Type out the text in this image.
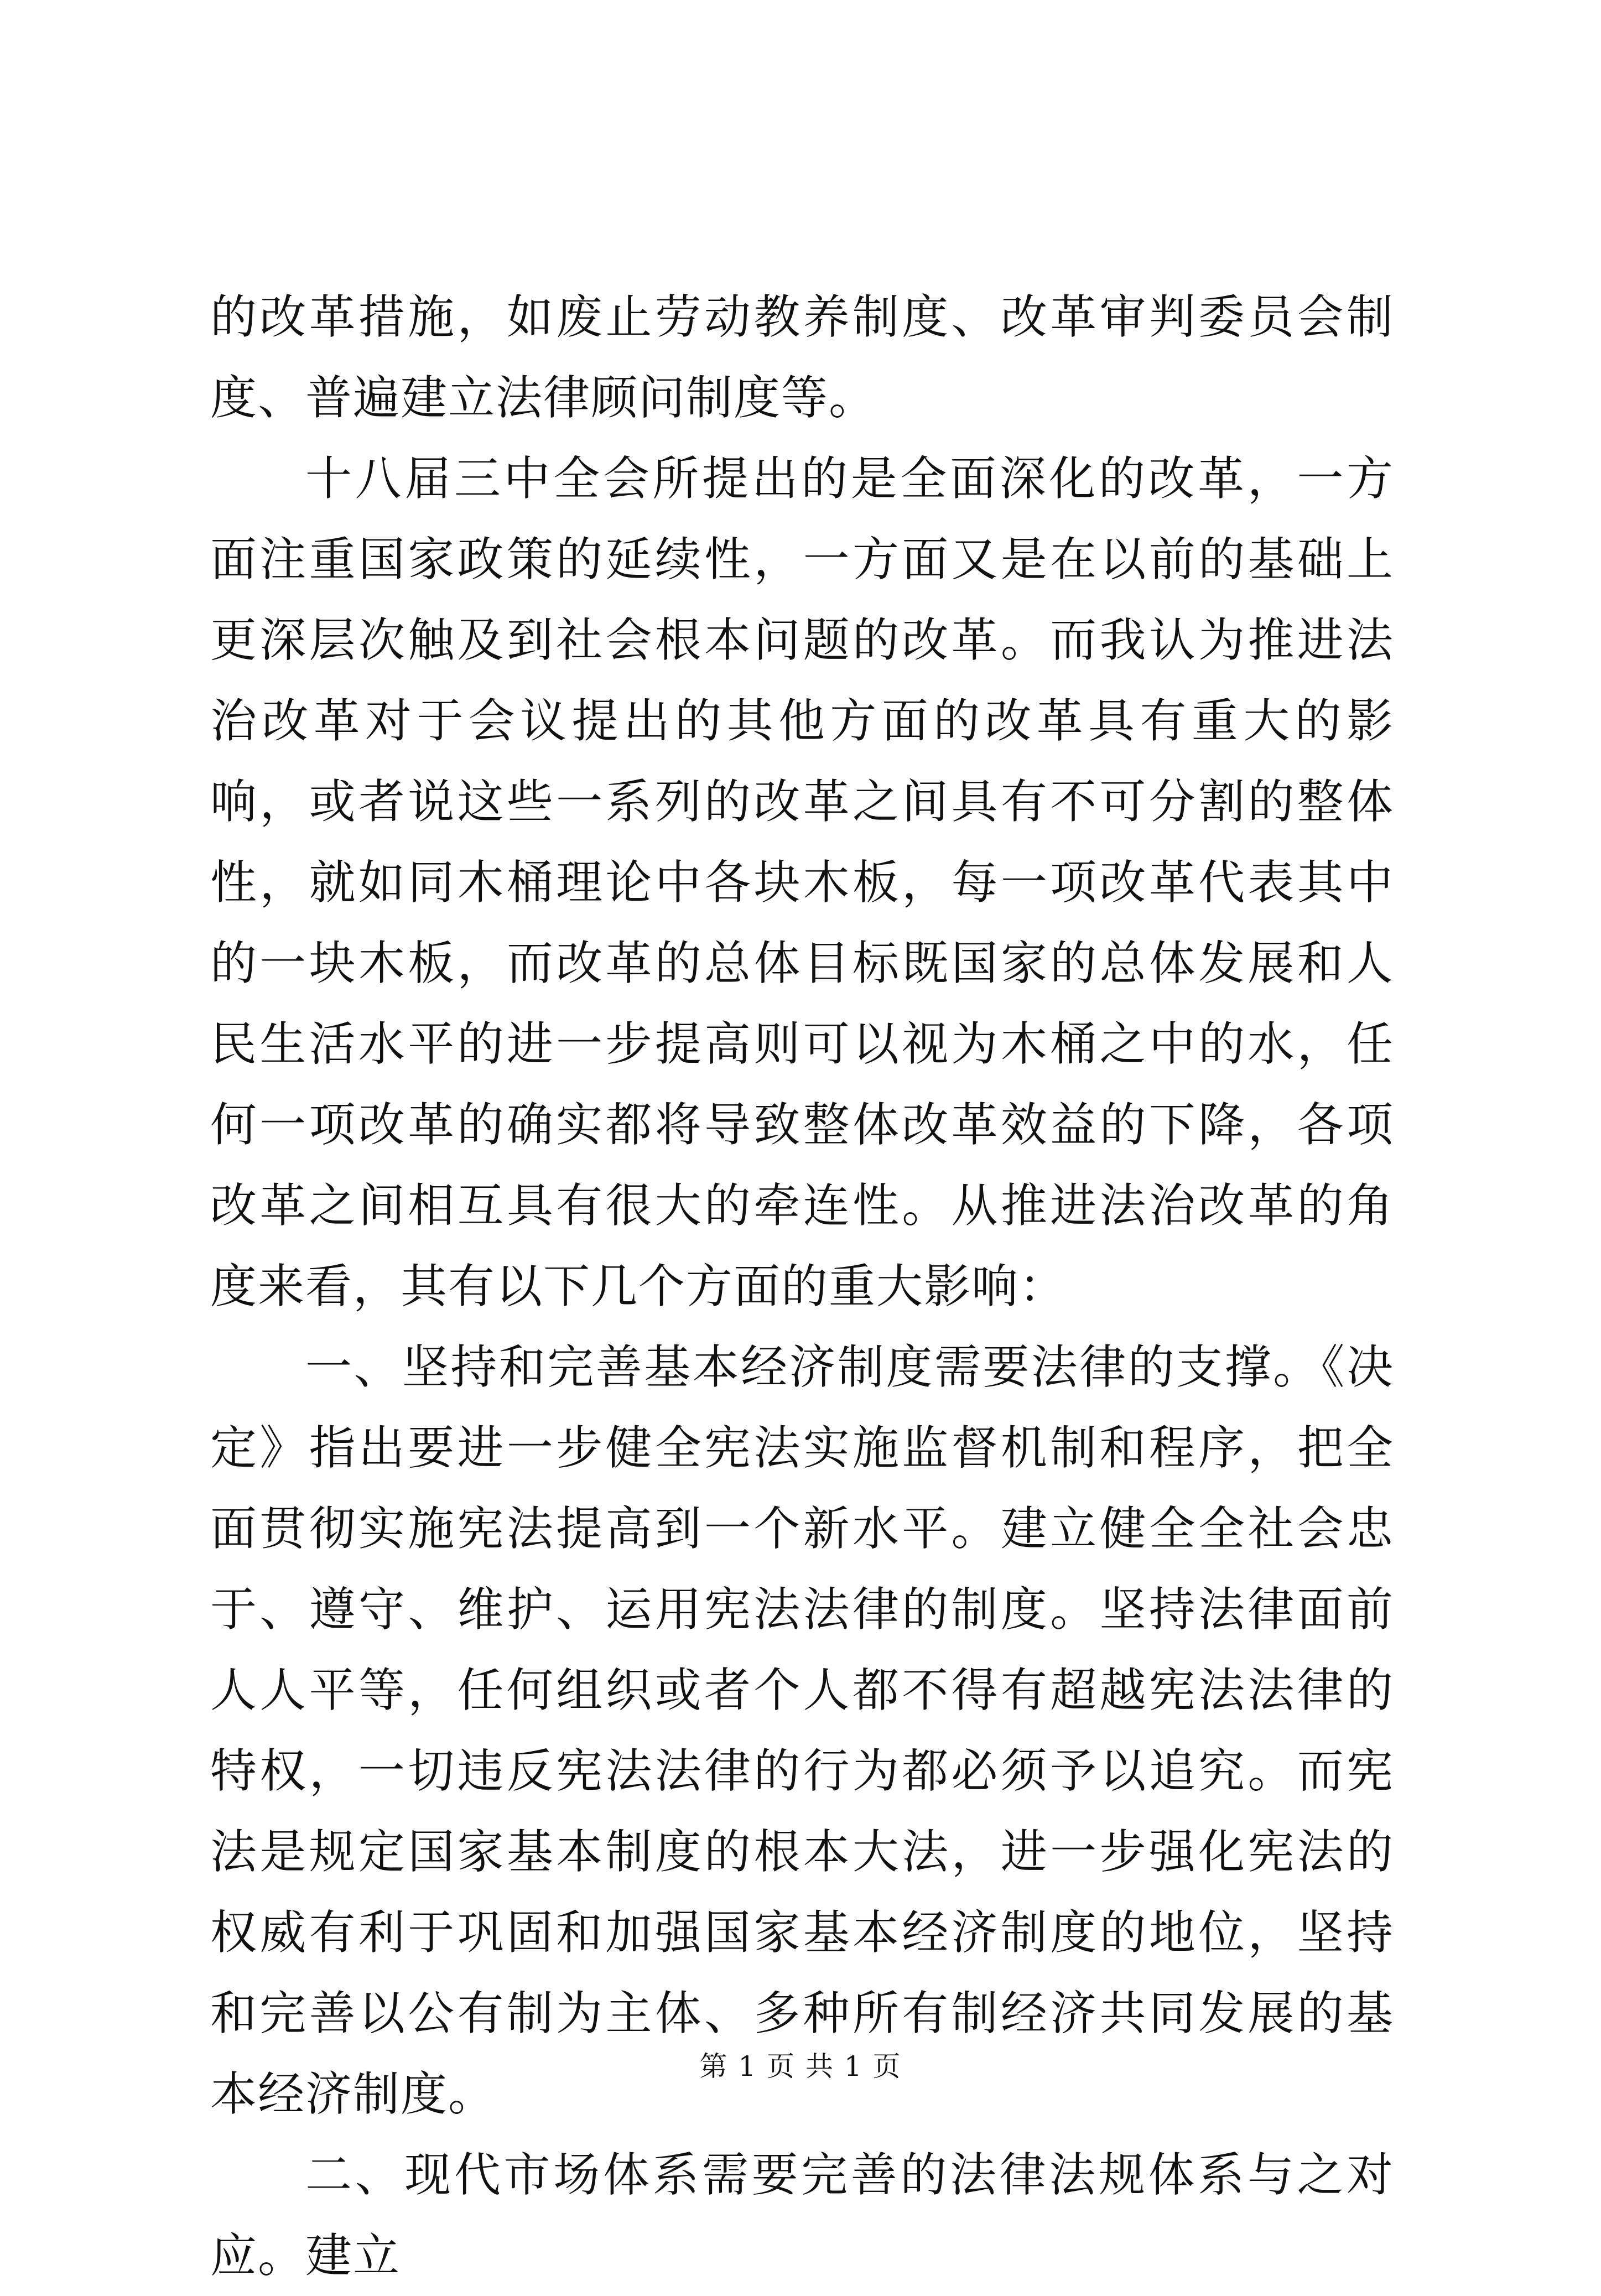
的改革措施，如废止劳动教养制度、改革审判委员会制度、普遍建立法律顾问制度等。

十八届三中全会所提出的是全面深化的改革，一方面注重国家政策的延续性，一方面又是在以前的基础上更深层次触及到社会根本问题的改革。而我认为推进法治改革对于会议提出的其他方面的改革具有重大的影响，或者说这些一系列的改革之间具有不可分割的整体性，就如同木桶理论中各块木板，每一项改革代表其中的一块木板，而改革的总体目标既国家的总体发展和人民生活水平的进一步提高则可以视为木桶之中的水，任何一项改革的确实都将导致整体改革效益的下降，各项改革之间相互具有很大的牵连性。从推进法治改革的角度来看，其有以下几个方面的重大影响：

一、坚持和完善基本经济制度需要法律的支撑。《决定》指出要进一步健全宪法实施监督机制和程序，把全面贯彻实施宪法提高到一个新水平。建立健全全社会忠于、遵守、维护、运用宪法法律的制度。坚持法律面前人人平等，任何组织或者个人都不得有超越宪法法律的特权，一切违反宪法法律的行为都必须予以追究。而宪法是规定国家基本制度的根本大法，进一步强化宪法的权威有利于巩固和加强国家基本经济制度的地位，坚持和完善以公有制为主体、多种所有制经济共同发展的基本经济制度。

二、现代市场体系需要完善的法律法规体系与之对应。建立

第 1 页 共 1 页
